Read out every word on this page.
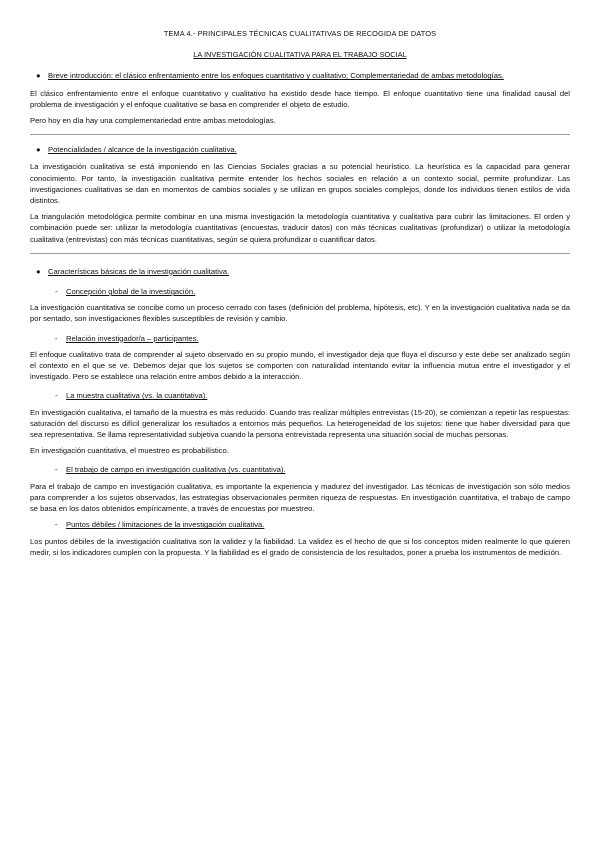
TEMA 4.- PRINCIPALES TÉCNICAS CUALITATIVAS DE RECOGIDA DE DATOS
LA INVESTIGACIÓN CUALITATIVA PARA EL TRABAJO SOCIAL
● Breve introducción: el clásico enfrentamiento entre los enfoques cuantitativo y cualitativo; Complementariedad de ambas metodologías.

El clásico enfrentamiento entre el enfoque cuantitativo y cualitativo ha existido desde hace tiempo. El enfoque cuantitativo tiene una finalidad causal del problema de investigación y el enfoque cualitativo se basa en comprender el objeto de estudio.

Pero hoy en día hay una complementariedad entre ambas metodologías.

● Potencialidades / alcance de la investigación cualitativa.

La investigación cualitativa se está imponiendo en las Ciencias Sociales gracias a su potencial heurístico. La heurística es la capacidad para generar conocimiento. Por tanto, la investigación cualitativa permite entender los hechos sociales en relación a un contexto social, permite profundizar. Las investigaciones cualitativas se dan en momentos de cambios sociales y se utilizan en grupos sociales complejos, donde los individuos tienen estilos de vida distintos.

La triangulación metodológica permite combinar en una misma investigación la metodología cuantitativa y cualitativa para cubrir las limitaciones. El orden y combinación puede ser: utilizar la metodología cuantitativas (encuestas, traducir datos) con más técnicas cualitativas (profundizar) o utilizar la metodología cualitativa (entrevistas) con más técnicas cuantitativas, según se quiera profundizar o cuantificar datos.

● Características básicas de la investigación cualitativa.
- Concepción global de la investigación.

La investigación cuantitativa se concibe como un proceso cerrado con fases (definición del problema, hipótesis, etc). Y en la investigación cualitativa nada se da por sentado, son investigaciones flexibles susceptibles de revisión y cambio.

- Relación investigador/a – participantes.

El enfoque cualitativo trata de comprender al sujeto observado en su propio mundo, el investigador deja que fluya el discurso y este debe ser analizado según el contexto en el que se ve. Debemos dejar que los sujetos se comporten con naturalidad intentando evitar la influencia mutua entre el investigador y el investigado. Pero se establece una relación entre ambos debido a la interacción.

- La muestra cualitativa (vs. la cuantitativa).

En investigación cualitativa, el tamaño de la muestra es más reducido. Cuando tras realizar múltiples entrevistas (15-20), se comienzan a repetir las respuestas: saturación del discurso es difícil generalizar los resultados a entornos más pequeños. La heterogeneidad de los sujetos: tiene que haber diversidad para que sea representativa. Se llama representatividad subjetiva cuando la persona entrevistada representa una situación social de muchas personas.

En investigación cuantitativa, el muestreo es probabilístico.

- El trabajo de campo en investigación cualitativa (vs. cuantitativa).

Para el trabajo de campo en investigación cualitativa, es importante la experiencia y madurez del investigador. Las técnicas de investigación son sólo medios para comprender a los sujetos observados, las estrategias observacionales permiten riqueza de respuestas. En investigación cuantitativa, el trabajo de campo se basa en los datos obtenidos empíricamente, a través de encuestas por muestreo.

- Puntos débiles / limitaciones de la investigación cualitativa.

Los puntos débiles de la investigación cualitativa son la validez y la fiabilidad. La validez es el hecho de que si los conceptos miden realmente lo que quieren medir, si los indicadores cumplen con la propuesta. Y la fiabilidad es el grado de consistencia de los resultados, poner a prueba los instrumentos de medición.
